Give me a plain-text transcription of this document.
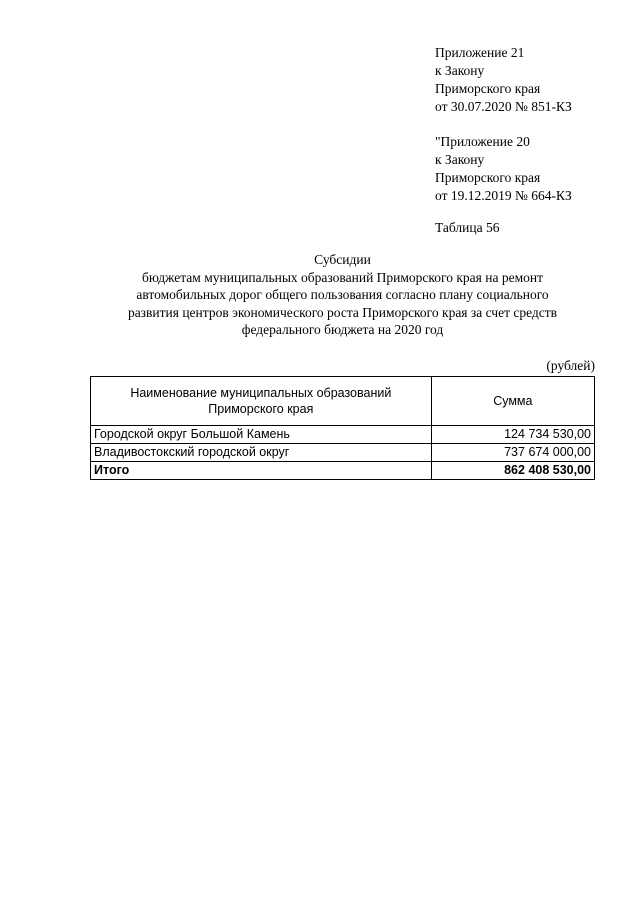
Приложение 21
к Закону
Приморского края
от 30.07.2020 № 851-КЗ
"Приложение 20
к Закону
Приморского края
от 19.12.2019 № 664-КЗ
Таблица 56
Субсидии
бюджетам муниципальных образований Приморского края на ремонт
автомобильных дорог общего пользования согласно плану социального
развития центров экономического роста Приморского края за счет средств
федерального бюджета на 2020 год
(рублей)
Наименование муниципальных образований
Приморского края	Сумма
Городской округ Большой Камень	124 734 530,00
Владивостокский городской округ	737 674 000,00
Итого	862 408 530,00
